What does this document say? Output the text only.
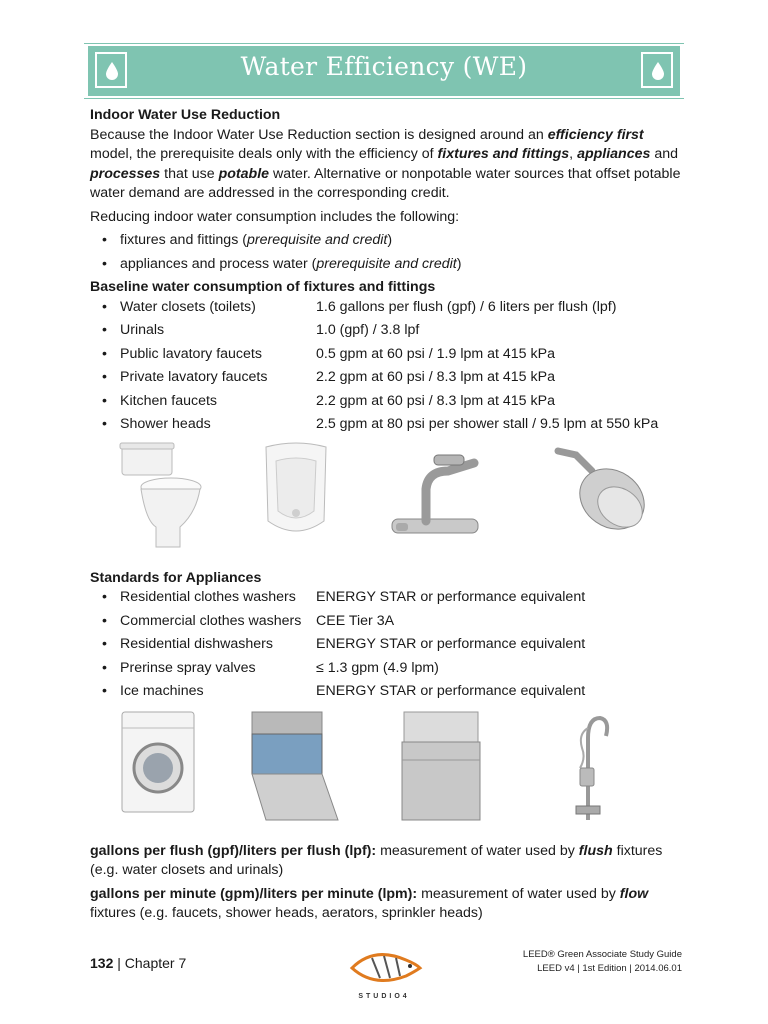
Water Efficiency (WE)

Indoor Water Use Reduction

Because the Indoor Water Use Reduction section is designed around an efficiency first model, the prerequisite deals only with the efficiency of fixtures and fittings, appliances and processes that use potable water. Alternative or nonpotable water sources that offset potable water demand are addressed in the corresponding credit.

Reducing indoor water consumption includes the following:

• fixtures and fittings (prerequisite and credit)
• appliances and process water (prerequisite and credit)

Baseline water consumption of fixtures and fittings

• Water closets (toilets)	1.6 gallons per flush (gpf) / 6 liters per flush (lpf)
• Urinals	1.0 (gpf) / 3.8 lpf
• Public lavatory faucets	0.5 gpm at 60 psi / 1.9 lpm at 415 kPa
• Private lavatory faucets	2.2 gpm at 60 psi / 8.3 lpm at 415 kPa
• Kitchen faucets	2.2 gpm at 60 psi / 8.3 lpm at 415 kPa
• Shower heads	2.5 gpm at 80 psi per shower stall / 9.5 lpm at 550 kPa

Standards for Appliances

• Residential clothes washers	ENERGY STAR or performance equivalent
• Commercial clothes washers	CEE Tier 3A
• Residential dishwashers	ENERGY STAR or performance equivalent
• Prerinse spray valves	≤ 1.3 gpm (4.9 lpm)
• Ice machines	ENERGY STAR or performance equivalent

gallons per flush (gpf)/liters per flush (lpf): measurement of water used by flush fixtures (e.g. water closets and urinals)

gallons per minute (gpm)/liters per minute (lpm): measurement of water used by flow fixtures (e.g. faucets, shower heads, aerators, sprinkler heads)

132 | Chapter 7
STUDIO4
LEED® Green Associate Study Guide
LEED v4 | 1st Edition | 2014.06.01
